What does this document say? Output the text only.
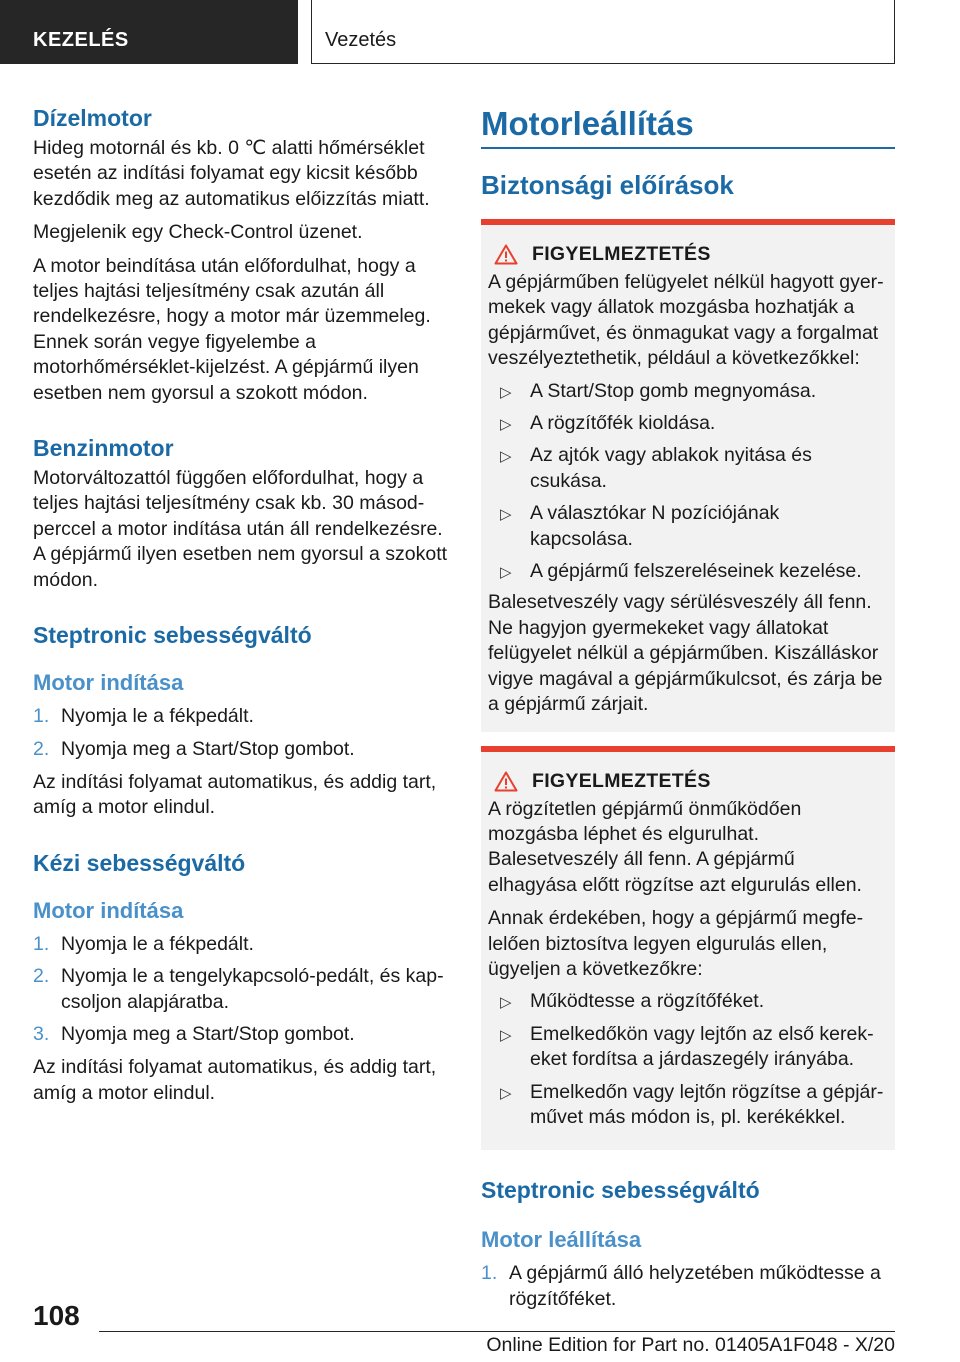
KEZELÉS	Vezetés
Dízelmotor

Hideg motornál és kb. 0 ℃ alatti hőmérséklet esetén az indítási folyamat egy kicsit később kezdődik meg az automatikus előizzítás miatt.

Megjelenik egy Check-Control üzenet.

A motor beindítása után előfordulhat, hogy a teljes hajtási teljesítmény csak azután áll rendelkezésre, hogy a motor már üzemmeleg. Ennek során vegye figyelembe a motorhőmérséklet-kijelzést. A gépjármű ilyen esetben nem gyorsul a szokott módon.

Benzinmotor

Motorváltozattól függően előfordulhat, hogy a teljes hajtási teljesítmény csak kb. 30 másodperccel a motor indítása után áll rendelkezésre. A gépjármű ilyen esetben nem gyorsul a szokott módon.

Steptronic sebességváltó
Motor indítása
1. Nyomja le a fékpedált.
2. Nyomja meg a Start/Stop gombot.

Az indítási folyamat automatikus, és addig tart, amíg a motor elindul.

Kézi sebességváltó
Motor indítása
1. Nyomja le a fékpedált.
2. Nyomja le a tengelykapcsoló-pedált, és kapcsoljon alapjáratba.
3. Nyomja meg a Start/Stop gombot.

Az indítási folyamat automatikus, és addig tart, amíg a motor elindul.

Motorleállítás
Biztonsági előírások
FIGYELMEZTETÉS

A gépjárműben felügyelet nélkül hagyott gyermekek vagy állatok mozgásba hozhatják a gépjárművet, és önmagukat vagy a forgalmat veszélyeztethetik, például a következőkkel:

▷ A Start/Stop gomb megnyomása.
▷ A rögzítőfék kioldása.
▷ Az ajtók vagy ablakok nyitása és csukása.
▷ A választókar N pozíciójának kapcsolása.
▷ A gépjármű felszereléseinek kezelése.

Balesetveszély vagy sérülésveszély áll fenn. Ne hagyjon gyermekeket vagy állatokat felügyelet nélkül a gépjárműben. Kiszálláskor vigye magával a gépjárműkulcsot, és zárja be a gépjármű zárjait.

FIGYELMEZTETÉS

A rögzítetlen gépjármű önműködően mozgásba léphet és elgurulhat. Balesetveszély áll fenn. A gépjármű elhagyása előtt rögzítse azt elgurulás ellen.

Annak érdekében, hogy a gépjármű megfelelően biztosítva legyen elgurulás ellen, ügyeljen a következőkre:

▷ Működtesse a rögzítőféket.
▷ Emelkedőkön vagy lejtőn az első kerekeket fordítsa a járdaszegély irányába.
▷ Emelkedőn vagy lejtőn rögzítse a gépjárművet más módon is, pl. kerékékkel.
Steptronic sebességváltó
Motor leállítása
1. A gépjármű álló helyzetében működtesse a rögzítőféket.
108
Online Edition for Part no. 01405A1F048 - X/20
